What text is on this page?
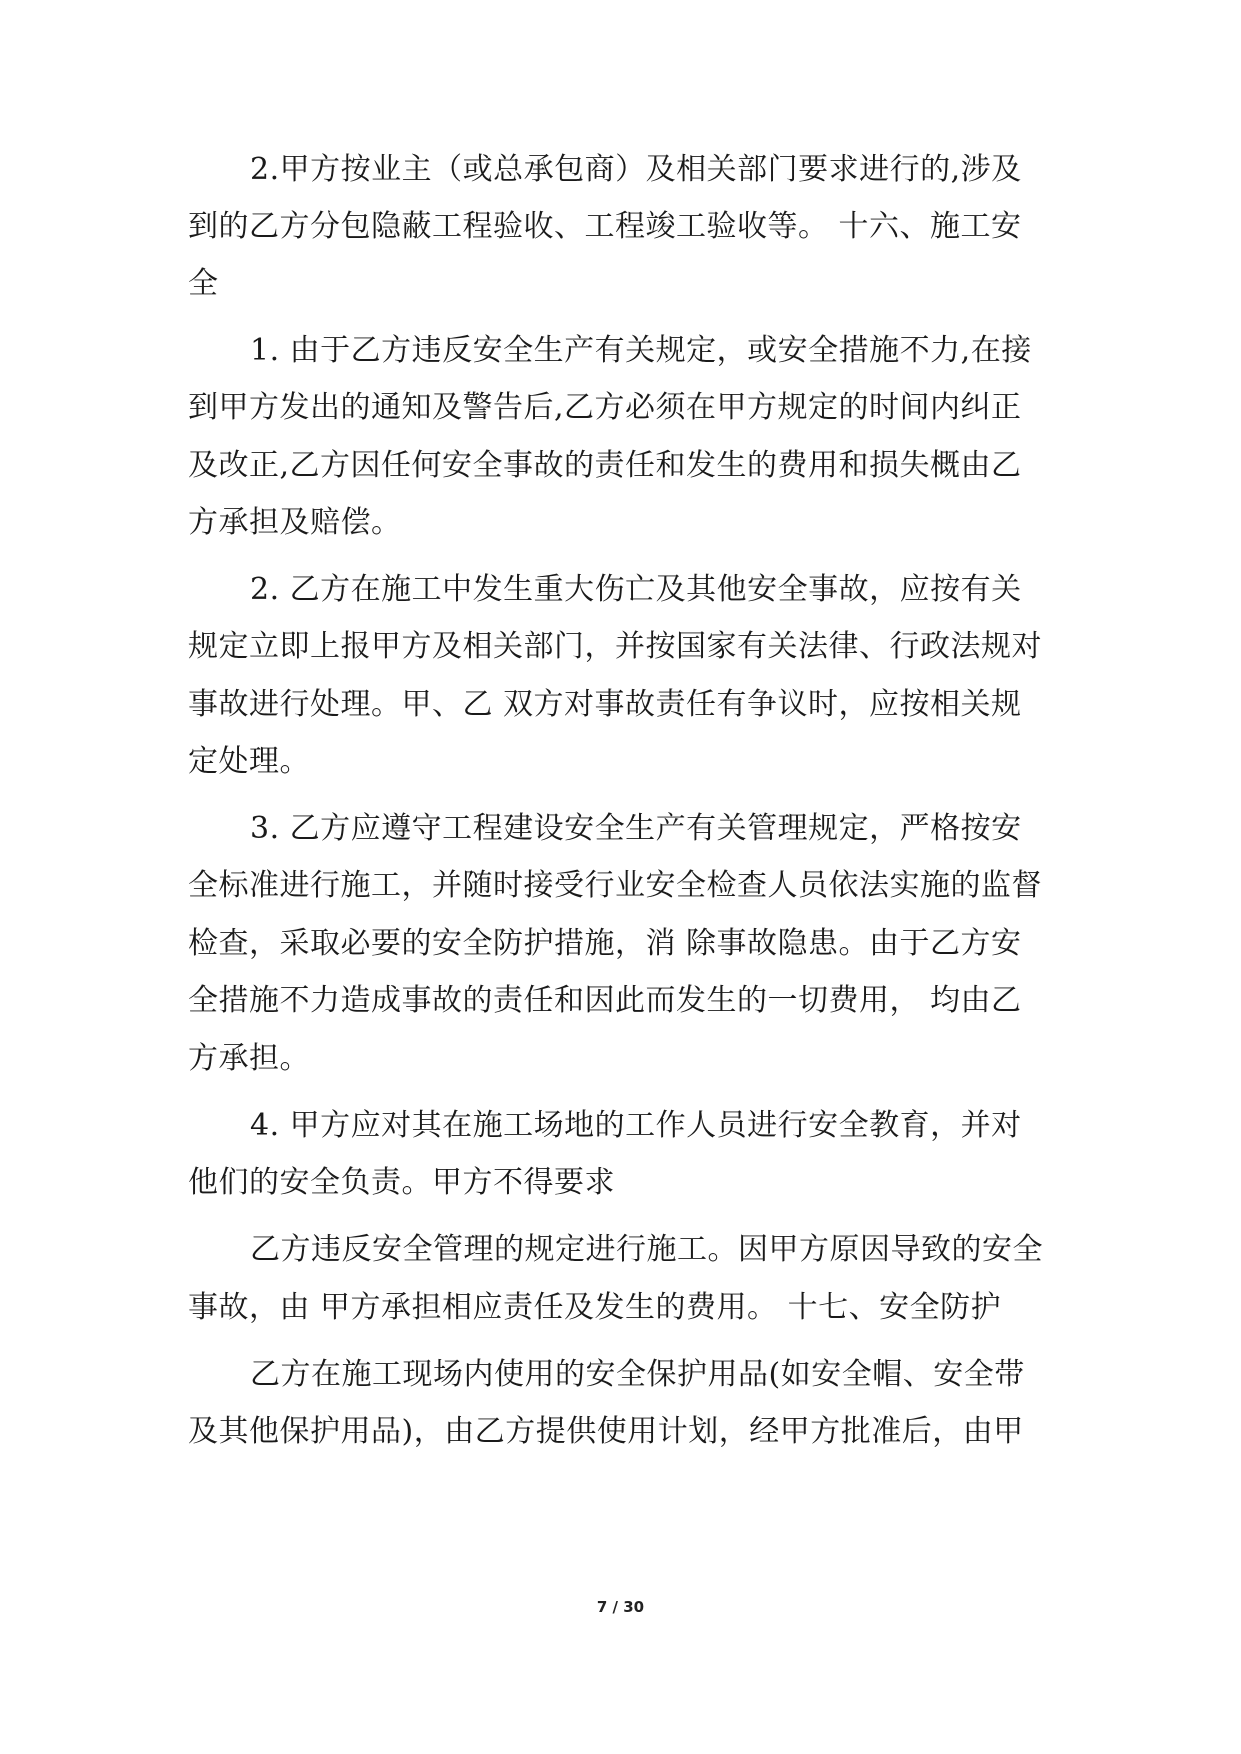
2.甲方按业主（或总承包商）及相关部门要求进行的,涉及
到的乙方分包隐蔽工程验收、工程竣工验收等。 十六、施工安
全
1. 由于乙方违反安全生产有关规定，或安全措施不力,在接
到甲方发出的通知及警告后,乙方必须在甲方规定的时间内纠正
及改正,乙方因任何安全事故的责任和发生的费用和损失概由乙
方承担及赔偿。
2. 乙方在施工中发生重大伤亡及其他安全事故，应按有关
规定立即上报甲方及相关部门，并按国家有关法律、行政法规对
事故进行处理。甲、乙 双方对事故责任有争议时，应按相关规
定处理。
3. 乙方应遵守工程建设安全生产有关管理规定，严格按安
全标准进行施工，并随时接受行业安全检查人员依法实施的监督
检查，采取必要的安全防护措施，消 除事故隐患。由于乙方安
全措施不力造成事故的责任和因此而发生的一切费用， 均由乙
方承担。
4. 甲方应对其在施工场地的工作人员进行安全教育，并对
他们的安全负责。甲方不得要求
乙方违反安全管理的规定进行施工。因甲方原因导致的安全
事故，由 甲方承担相应责任及发生的费用。 十七、安全防护
乙方在施工现场内使用的安全保护用品(如安全帽、安全带
及其他保护用品)，由乙方提供使用计划，经甲方批准后，由甲
7 / 30
